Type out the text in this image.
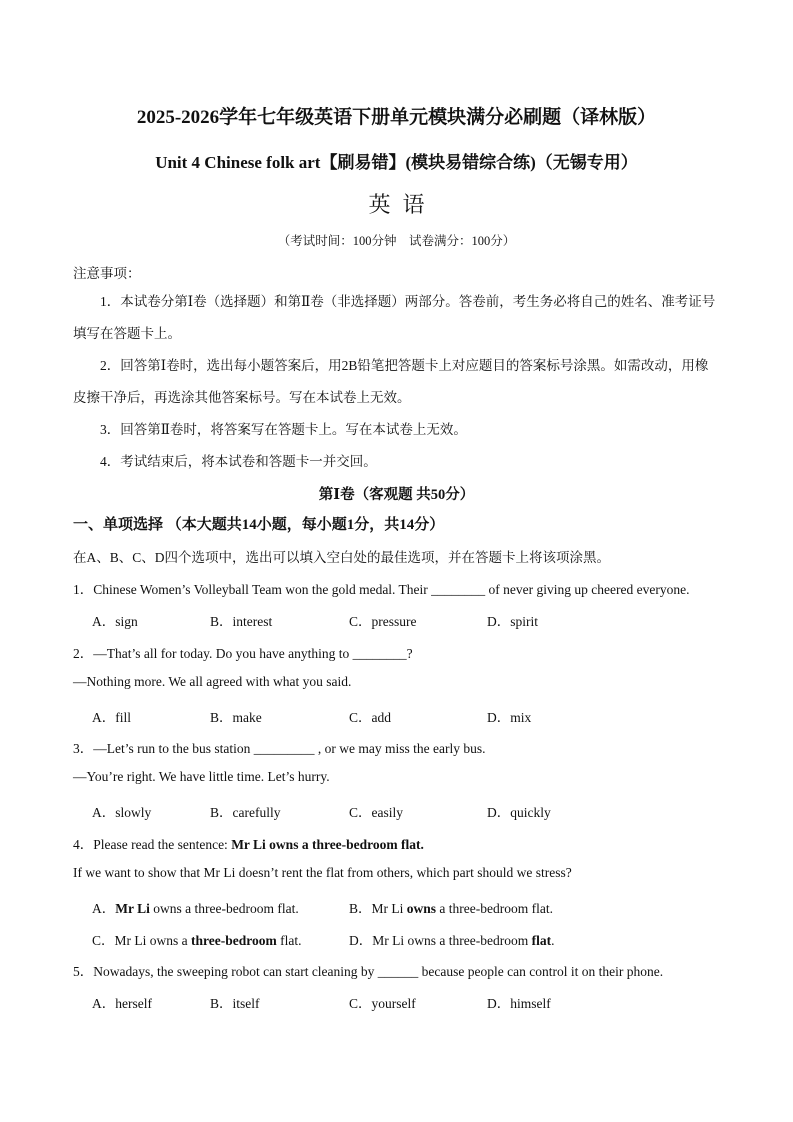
2025-2026学年七年级英语下册单元模块满分必刷题（译林版）
Unit 4 Chinese folk art【刷易错】(模块易错综合练)（无锡专用）
英语
（考试时间：100分钟　试卷满分：100分）
注意事项：
1．本试卷分第Ⅰ卷（选择题）和第Ⅱ卷（非选择题）两部分。答卷前，考生务必将自己的姓名、准考证号填写在答题卡上。
2．回答第Ⅰ卷时，选出每小题答案后，用2B铅笔把答题卡上对应题目的答案标号涂黑。如需改动，用橡皮擦干净后，再选涂其他答案标号。写在本试卷上无效。
3．回答第Ⅱ卷时，将答案写在答题卡上。写在本试卷上无效。
4．考试结束后，将本试卷和答题卡一并交回。
第Ⅰ卷（客观题 共50分）
一、单项选择 （本大题共14小题，每小题1分，共14分）
在A、B、C、D四个选项中，选出可以填入空白处的最佳选项，并在答题卡上将该项涂黑。
1．Chinese Women’s Volleyball Team won the gold medal. Their ________ of never giving up cheered everyone.
A．sign	B．interest	C．pressure	D．spirit
2．—That’s all for today. Do you have anything to ________?
—Nothing more. We all agreed with what you said.
A．fill	B．make	C．add	D．mix
3．—Let’s run to the bus station _________ , or we may miss the early bus.
—You’re right. We have little time. Let’s hurry.
A．slowly	B．carefully	C．easily	D．quickly
4．Please read the sentence: Mr Li owns a three-bedroom flat.
If we want to show that Mr Li doesn’t rent the flat from others, which part should we stress?
A．Mr Li owns a three-bedroom flat.	B．Mr Li owns a three-bedroom flat.
C．Mr Li owns a three-bedroom flat.	D．Mr Li owns a three-bedroom flat.
5．Nowadays, the sweeping robot can start cleaning by ______ because people can control it on their phone.
A．herself	B．itself	C．yourself	D．himself
